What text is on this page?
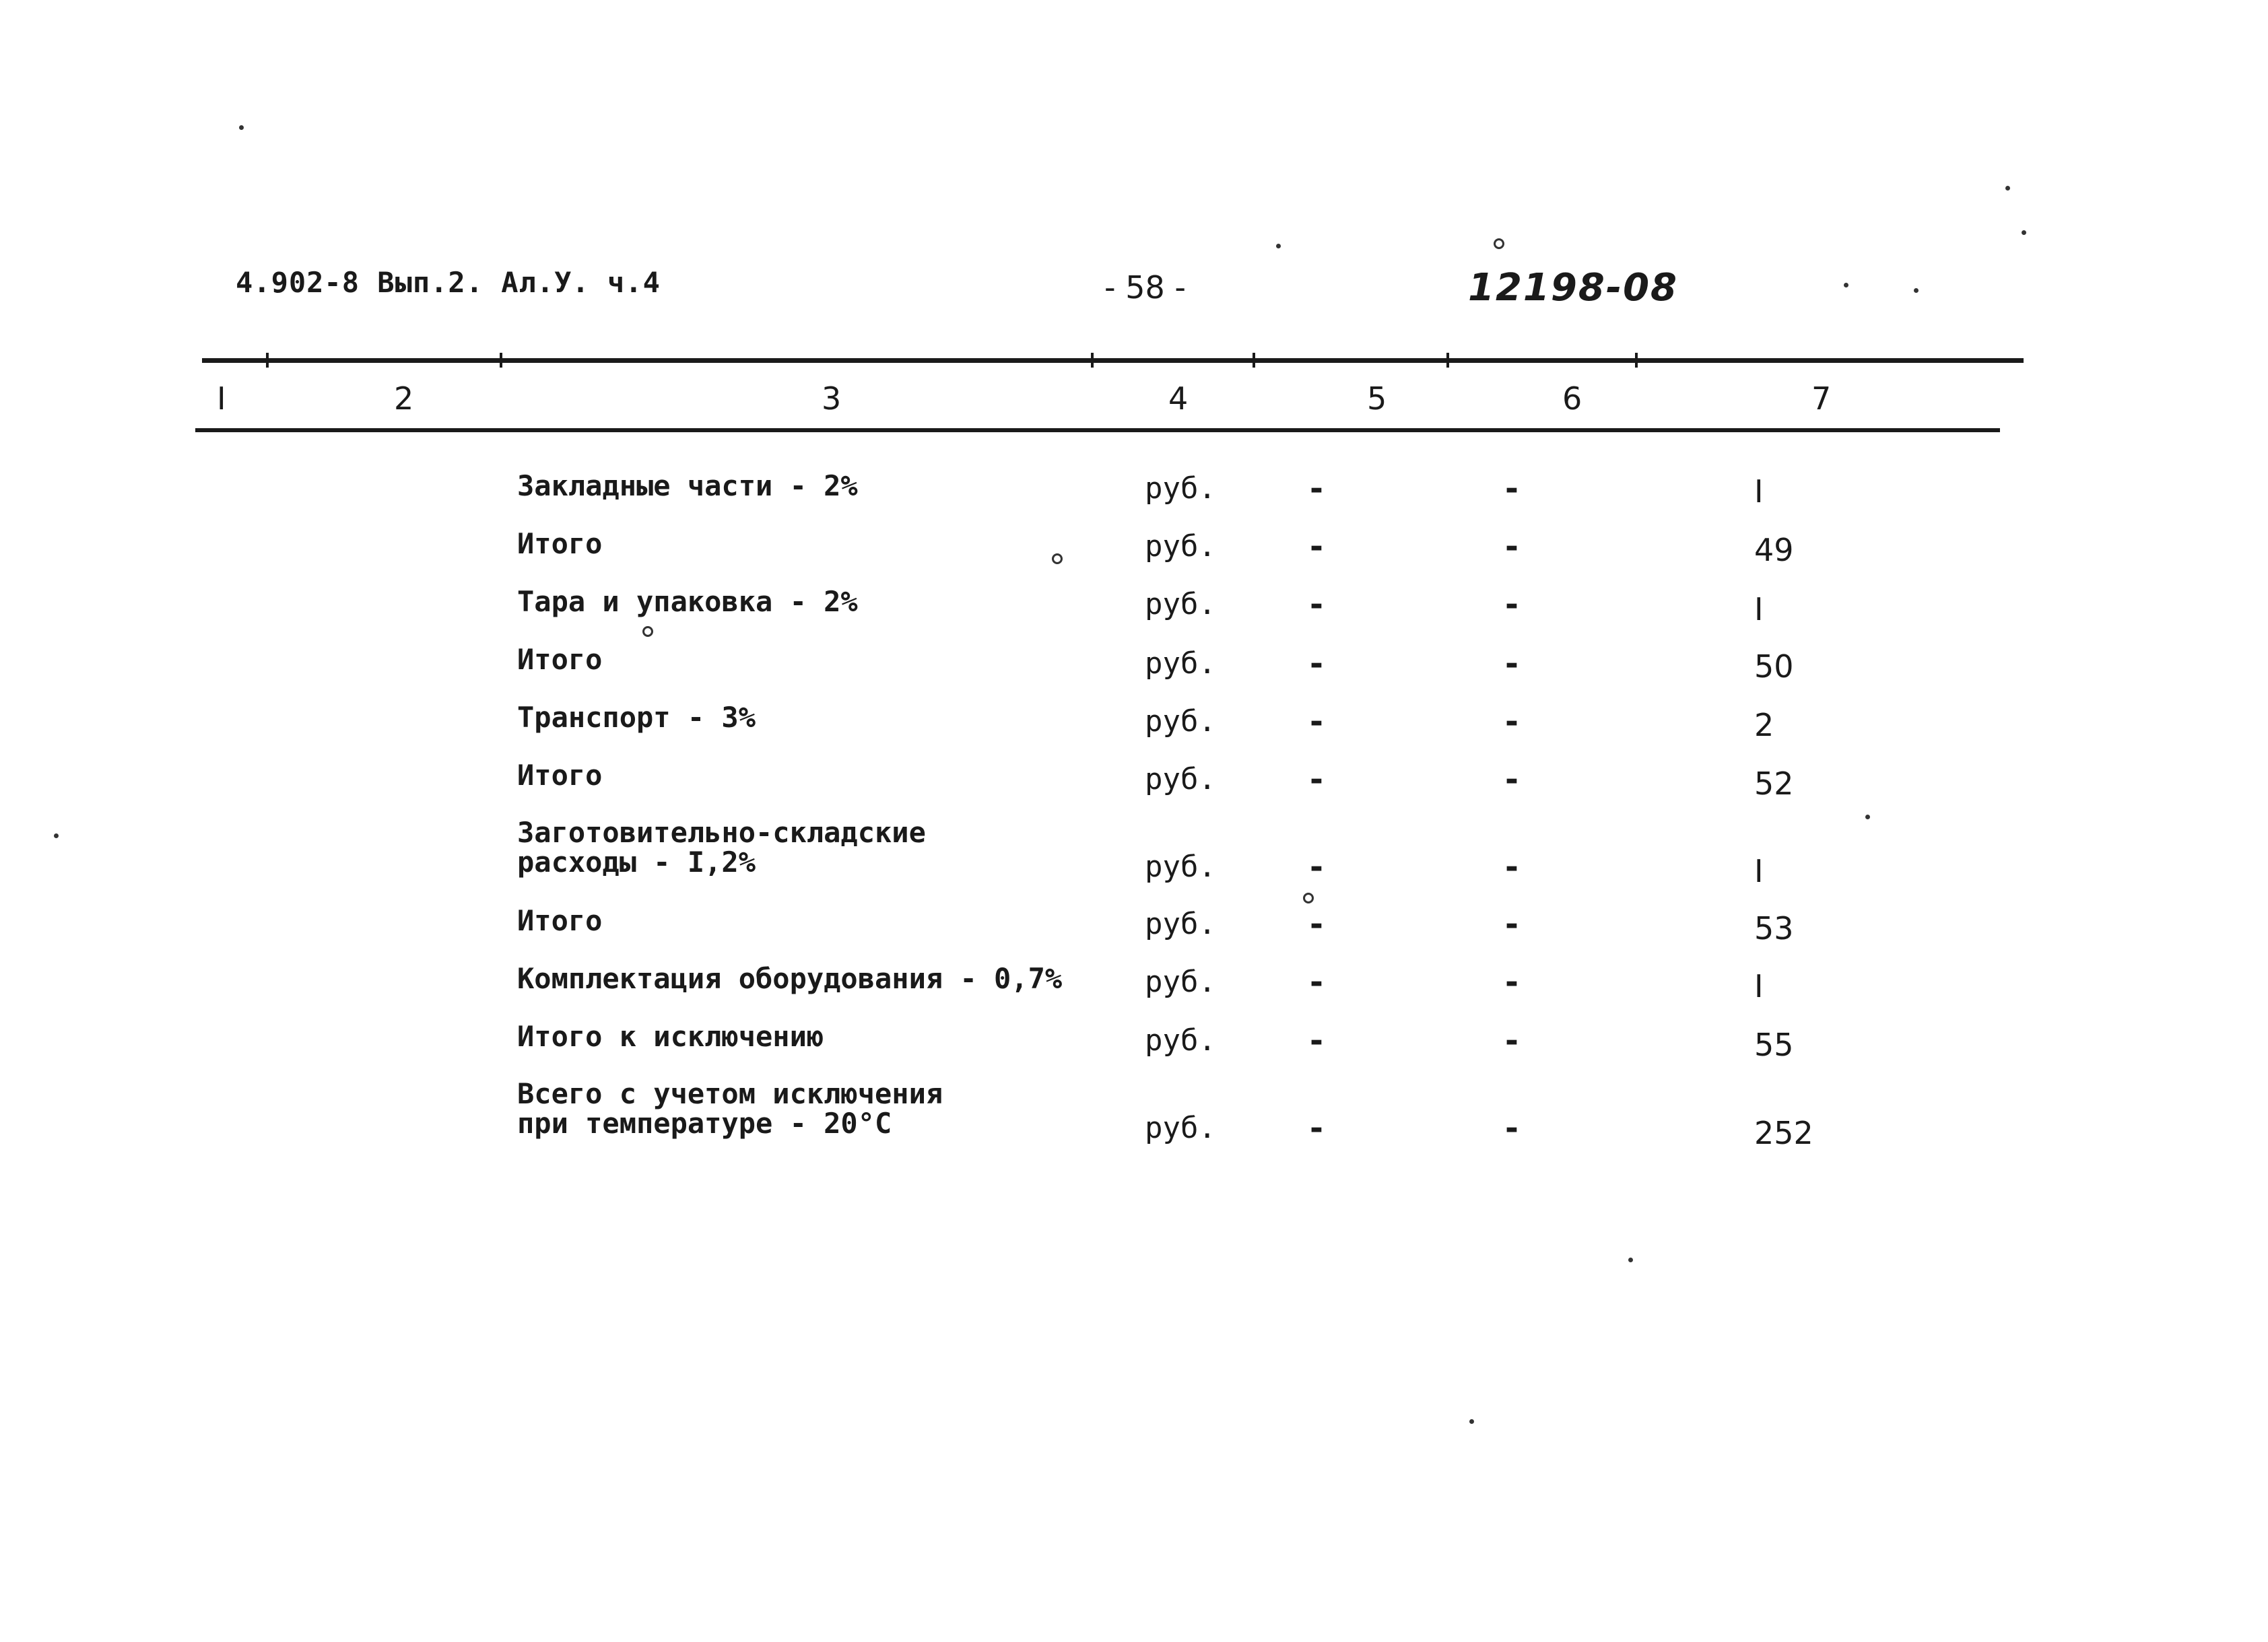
4.902-8 Вып.2. Ал.У. ч.4	- 58 -	12198-08
I	2	3	4	5	6	7
Закладные части - 2%	руб.	-	-	I
Итого	руб.	-	-	49
Тара и упаковка - 2%	руб.	-	-	I
Итого	руб.	-	-	50
Транспорт - 3%	руб.	-	-	2
Итого	руб.	-	-	52
Заготовительно-складские
расходы - I,2%	руб.	-	-	I
Итого	руб.	-	-	53
Комплектация оборудования - 0,7%	руб.	-	-	I
Итого к исключению	руб.	-	-	55
Всего с учетом исключения
при температуре - 20°С	руб.	-	-	252
